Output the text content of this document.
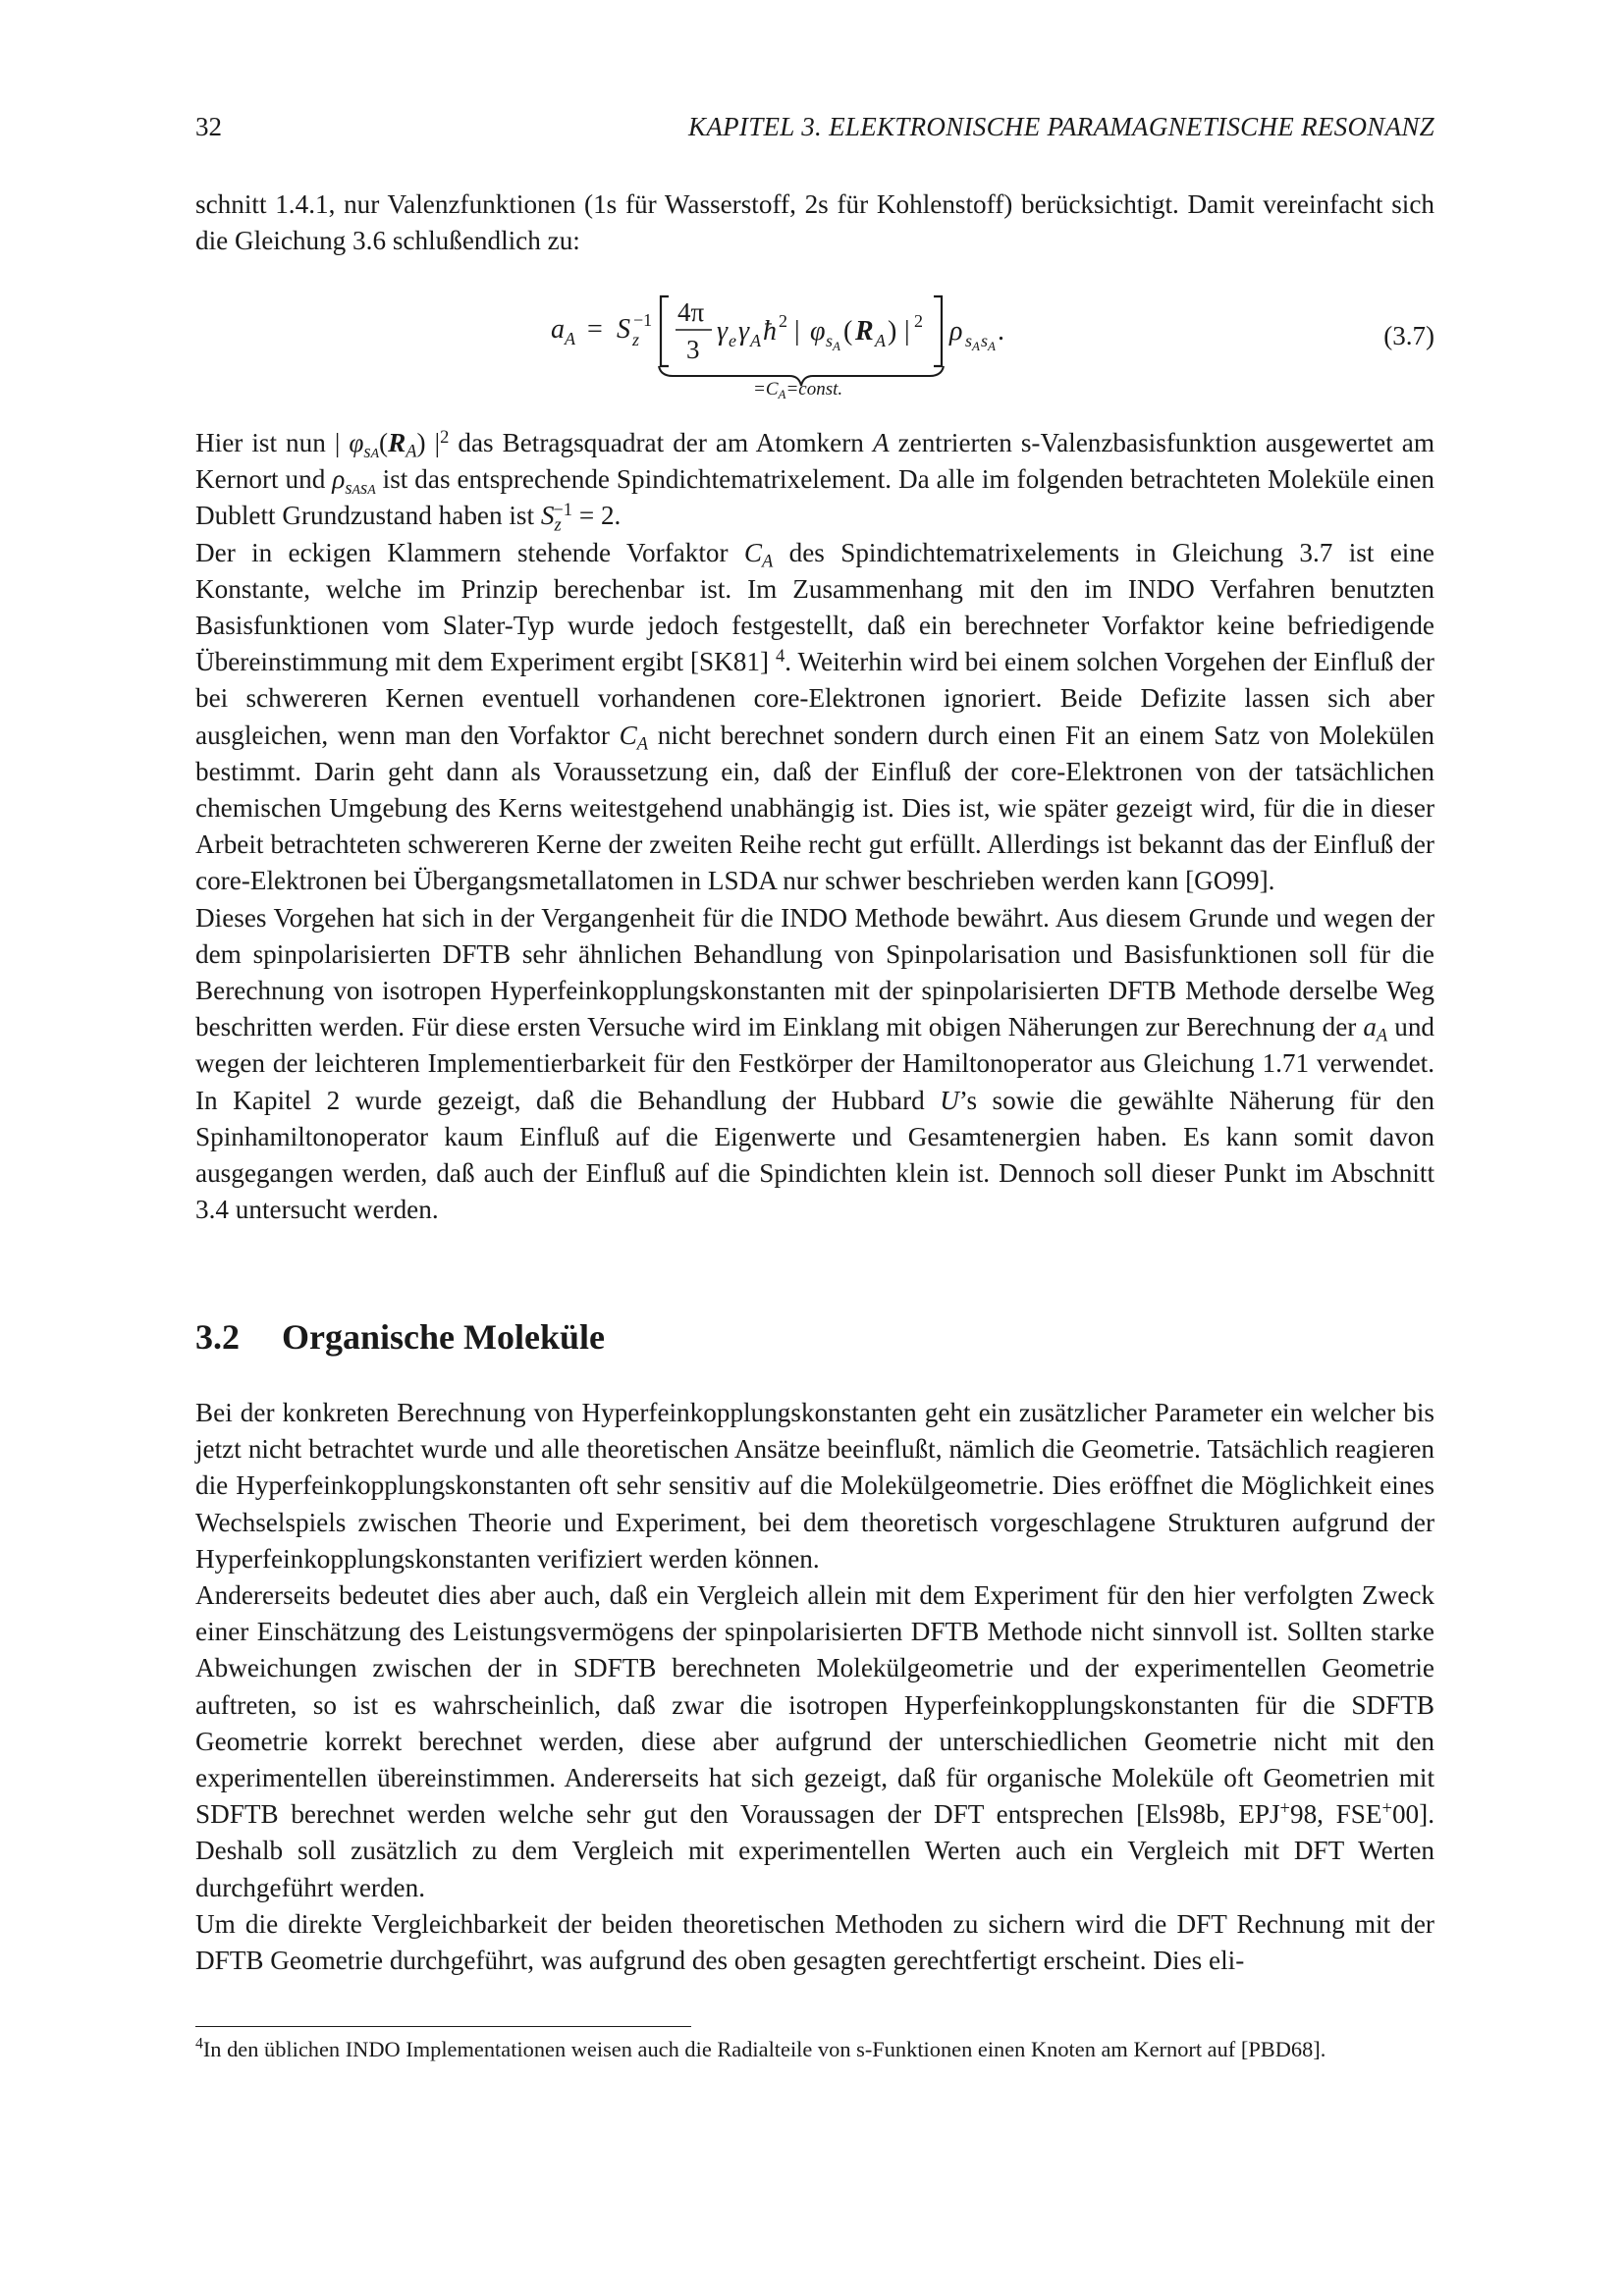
32	KAPITEL 3. ELEKTRONISCHE PARAMAGNETISCHE RESONANZ

schnitt 1.4.1, nur Valenzfunktionen (1s für Wasserstoff, 2s für Kohlenstoff) berücksichtigt. Damit vereinfacht sich die Gleichung 3.6 schlußendlich zu:

a A = S z
−1 4π
3
γ e γ A ħ 2 | φ s A ( R A ) | 2 ρ s A s A .
$=C_A=const$.
(3.7)

Hier ist nun | $\varphi_{sA}(R_A)$ $|^2$ das Betragsquadrat der am Atomkern A zentrierten s-Valenzbasisfunktion ausgewertet am Kernort und $\rho_{sAsA}$ ist das entsprechende Spindichtematrixelement. Da alle im folgenden betrachteten Moleküle einen Dublett Grundzustand haben ist $S_z^{-1} = 2$.

Der in eckigen Klammern stehende Vorfaktor $C_A$ des Spindichtematrixelements in Gleichung 3.7 ist eine Konstante, welche im Prinzip berechenbar ist. Im Zusammenhang mit den im INDO Verfahren benutzten Basisfunktionen vom Slater-Typ wurde jedoch festgestellt, daß ein berechneter Vorfaktor keine befriedigende Übereinstimmung mit dem Experiment ergibt [SK81] $^4$. Weiterhin wird bei einem solchen Vorgehen der Einfluß der bei schwereren Kernen eventuell vorhandenen core-Elektronen ignoriert. Beide Defizite lassen sich aber ausgleichen, wenn man den Vorfaktor $C_A$ nicht berechnet sondern durch einen Fit an einem Satz von Molekülen bestimmt. Darin geht dann als Voraussetzung ein, daß der Einfluß der core-Elektronen von der tatsächlichen chemischen Umgebung des Kerns weitestgehend unabhängig ist. Dies ist, wie später gezeigt wird, für die in dieser Arbeit betrachteten schwereren Kerne der zweiten Reihe recht gut erfüllt. Allerdings ist bekannt das der Einfluß der core-Elektronen bei Übergangsmetallatomen in LSDA nur schwer beschrieben werden kann [GO99].

Dieses Vorgehen hat sich in der Vergangenheit für die INDO Methode bewährt. Aus diesem Grunde und wegen der dem spinpolarisierten DFTB sehr ähnlichen Behandlung von Spinpolarisation und Basisfunktionen soll für die Berechnung von isotropen Hyperfeinkopplungskonstanten mit der spinpolarisierten DFTB Methode derselbe Weg beschritten werden. Für diese ersten Versuche wird im Einklang mit obigen Näherungen zur Berechnung der $a_A$ und wegen der leichteren Implementierbarkeit für den Festkörper der Hamiltonoperator aus Gleichung 1.71 verwendet. In Kapitel 2 wurde gezeigt, daß die Behandlung der Hubbard U’s sowie die gewählte Näherung für den Spinhamiltonoperator kaum Einfluß auf die Eigenwerte und Gesamtenergien haben. Es kann somit davon ausgegangen werden, daß auch der Einfluß auf die Spindichten klein ist. Dennoch soll dieser Punkt im Abschnitt 3.4 untersucht werden.

3.2 Organische Moleküle

Bei der konkreten Berechnung von Hyperfeinkopplungskonstanten geht ein zusätzlicher Parameter ein welcher bis jetzt nicht betrachtet wurde und alle theoretischen Ansätze beeinflußt, nämlich die Geometrie. Tatsächlich reagieren die Hyperfeinkopplungskonstanten oft sehr sensitiv auf die Molekülgeometrie. Dies eröffnet die Möglichkeit eines Wechselspiels zwischen Theorie und Experiment, bei dem theoretisch vorgeschlagene Strukturen aufgrund der Hyperfeinkopplungskonstanten verifiziert werden können.

Andererseits bedeutet dies aber auch, daß ein Vergleich allein mit dem Experiment für den hier verfolgten Zweck einer Einschätzung des Leistungsvermögens der spinpolarisierten DFTB Methode nicht sinnvoll ist. Sollten starke Abweichungen zwischen der in SDFTB berechneten Molekülgeometrie und der experimentellen Geometrie auftreten, so ist es wahrscheinlich, daß zwar die isotropen Hyperfeinkopplungskonstanten für die SDFTB Geometrie korrekt berechnet werden, diese aber aufgrund der unterschiedlichen Geometrie nicht mit den experimentellen übereinstimmen. Andererseits hat sich gezeigt, daß für organische Moleküle oft Geometrien mit SDFTB berechnet werden welche sehr gut den Voraussagen der DFT entsprechen [Els98b, EPJ+98, FSE+00]. Deshalb soll zusätzlich zu dem Vergleich mit experimentellen Werten auch ein Vergleich mit DFT Werten durchgeführt werden.

Um die direkte Vergleichbarkeit der beiden theoretischen Methoden zu sichern wird die DFT Rechnung mit der DFTB Geometrie durchgeführt, was aufgrund des oben gesagten gerechtfertigt erscheint. Dies eli-

$^4$In den üblichen INDO Implementationen weisen auch die Radialteile von s-Funktionen einen Knoten am Kernort auf [PBD68].
